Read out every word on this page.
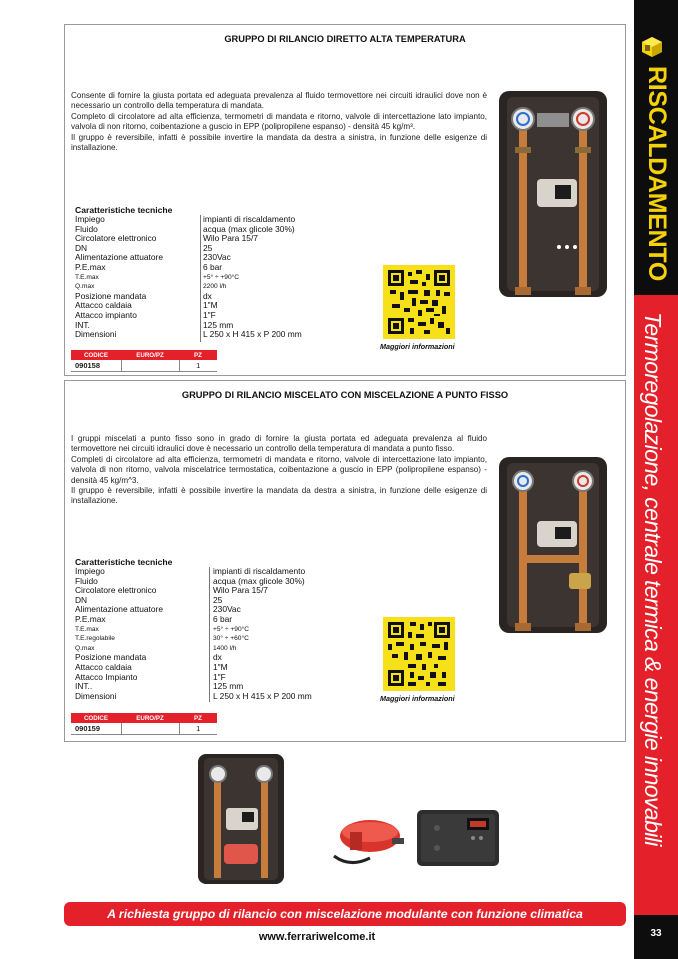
RISCALDAMENTO
Termoregolazione, centrale termica & energie innovabili
33
GRUPPO DI RILANCIO DIRETTO ALTA TEMPERATURA

Consente di fornire la giusta portata ed adeguata prevalenza al fluido termovettore nei circuiti idraulici dove non è necessario un controllo della temperatura di mandata.

Completo di circolatore ad alta efficienza, termometri di mandata e ritorno, valvole di intercettazione lato impianto, valvola di non ritorno, coibentazione a guscio in EPP (polipropilene espanso) - densità 45 kg/m³.

Il gruppo è reversibile, infatti è possibile invertire la mandata da destra a sinistra, in funzione delle esigenze di installazione.

Caratteristiche tecniche
Impiego	impianti di riscaldamento
Fluido	acqua (max glicole 30%)
Circolatore elettronico	Wilo Para 15/7
DN	25
Alimentazione attuatore	230Vac
P.E.max	6 bar
T.E.max	+5° ÷ +90°C
Q.max	2200 l/h
Posizione mandata	dx
Attacco caldaia	1"M
Attacco impianto	1"F
INT.	125 mm
Dimensioni	L 250 x H 415 x P 200 mm
CODICE	EURO/PZ	PZ
090158		1
Maggiori informazioni
GRUPPO DI RILANCIO MISCELATO CON MISCELAZIONE A PUNTO FISSO

I gruppi miscelati a punto fisso sono in grado di fornire la giusta portata ed adeguata prevalenza al fluido termovettore nei circuiti idraulici dove è necessario un controllo della temperatura di mandata a punto fisso.

Completi di circolatore ad alta efficienza, termometri di mandata e ritorno, valvole di intercettazione lato impianto, valvola di non ritorno, valvola miscelatrice termostatica, coibentazione a guscio in EPP (polipropilene espanso) - densità 45 kg/m^3.

Il gruppo è reversibile, infatti è possibile invertire la mandata da destra a sinistra, in funzione delle esigenze di installazione.

Caratteristiche tecniche
Impiego	impianti di riscaldamento
Fluido	acqua (max glicole 30%)
Circolatore elettronico	Wilo Para 15/7
DN	25
Alimentazione attuatore	230Vac
P.E.max	6 bar
T.E.max	+5° ÷ +90°C
T.E.regolabile	30° ÷ +60°C
Q.max	1400 l/h
Posizione mandata	dx
Attacco caldaia	1"M
Attacco Impianto	1"F
INT..	125 mm
Dimensioni	L 250 x H 415 x P 200 mm
CODICE	EURO/PZ	PZ
090159		1
Maggiori informazioni
A richiesta gruppo di rilancio con miscelazione modulante con funzione climatica
www.ferrariwelcome.it
